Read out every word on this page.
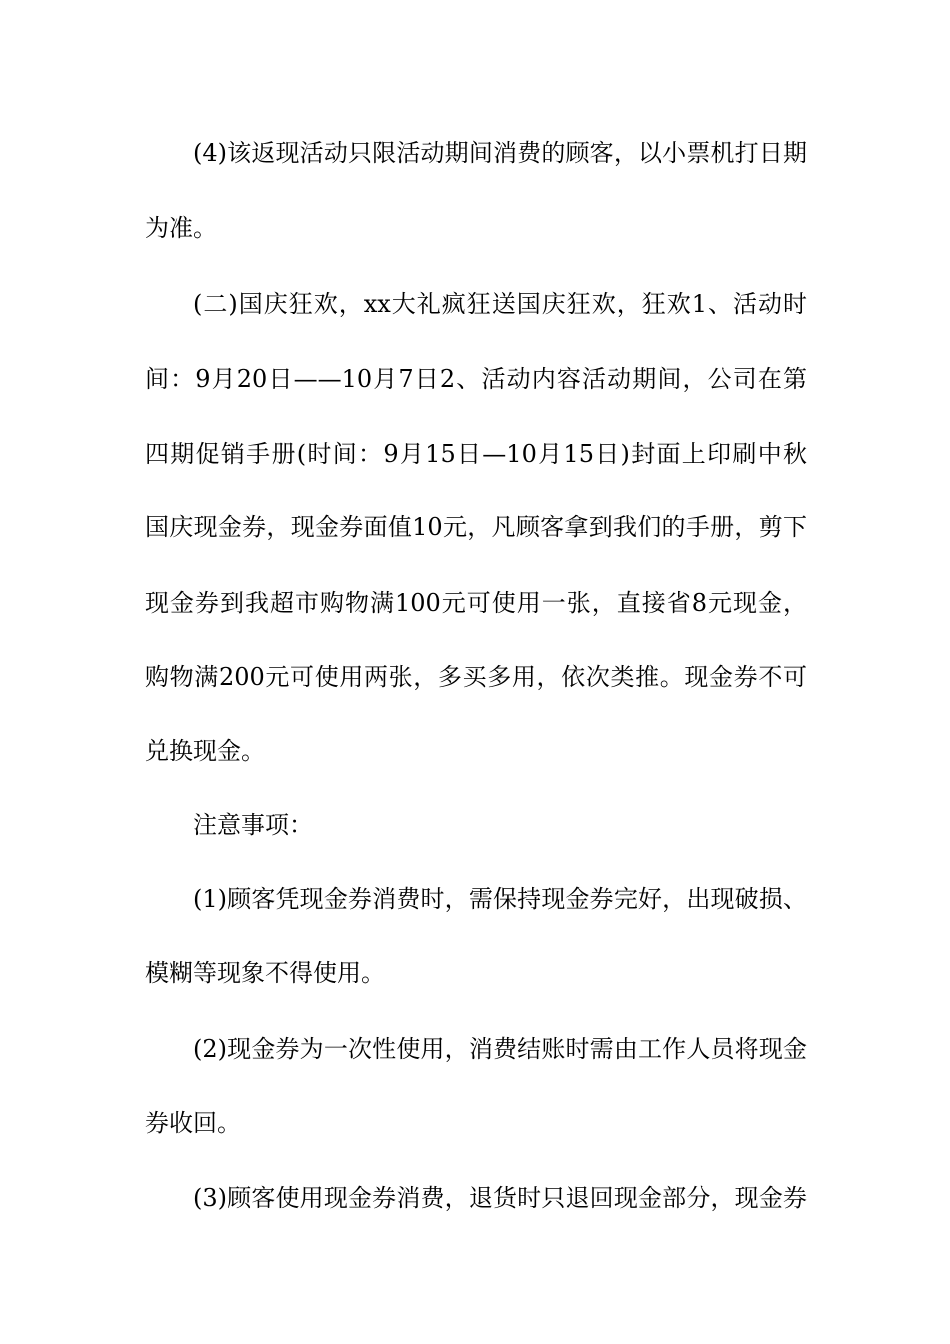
(4)该返现活动只限活动期间消费的顾客，以小票机打日期
为准。
(二)国庆狂欢，xx大礼疯狂送国庆狂欢，狂欢1、活动时
间：9月20日——10月7日2、活动内容活动期间，公司在第
四期促销手册(时间：9月15日—10月15日)封面上印刷中秋
国庆现金券，现金券面值10元，凡顾客拿到我们的手册，剪下
现金券到我超市购物满100元可使用一张，直接省8元现金，
购物满200元可使用两张，多买多用，依次类推。现金券不可
兑换现金。
注意事项：
(1)顾客凭现金券消费时，需保持现金券完好，出现破损、
模糊等现象不得使用。
(2)现金券为一次性使用，消费结账时需由工作人员将现金
券收回。
(3)顾客使用现金券消费，退货时只退回现金部分，现金券
